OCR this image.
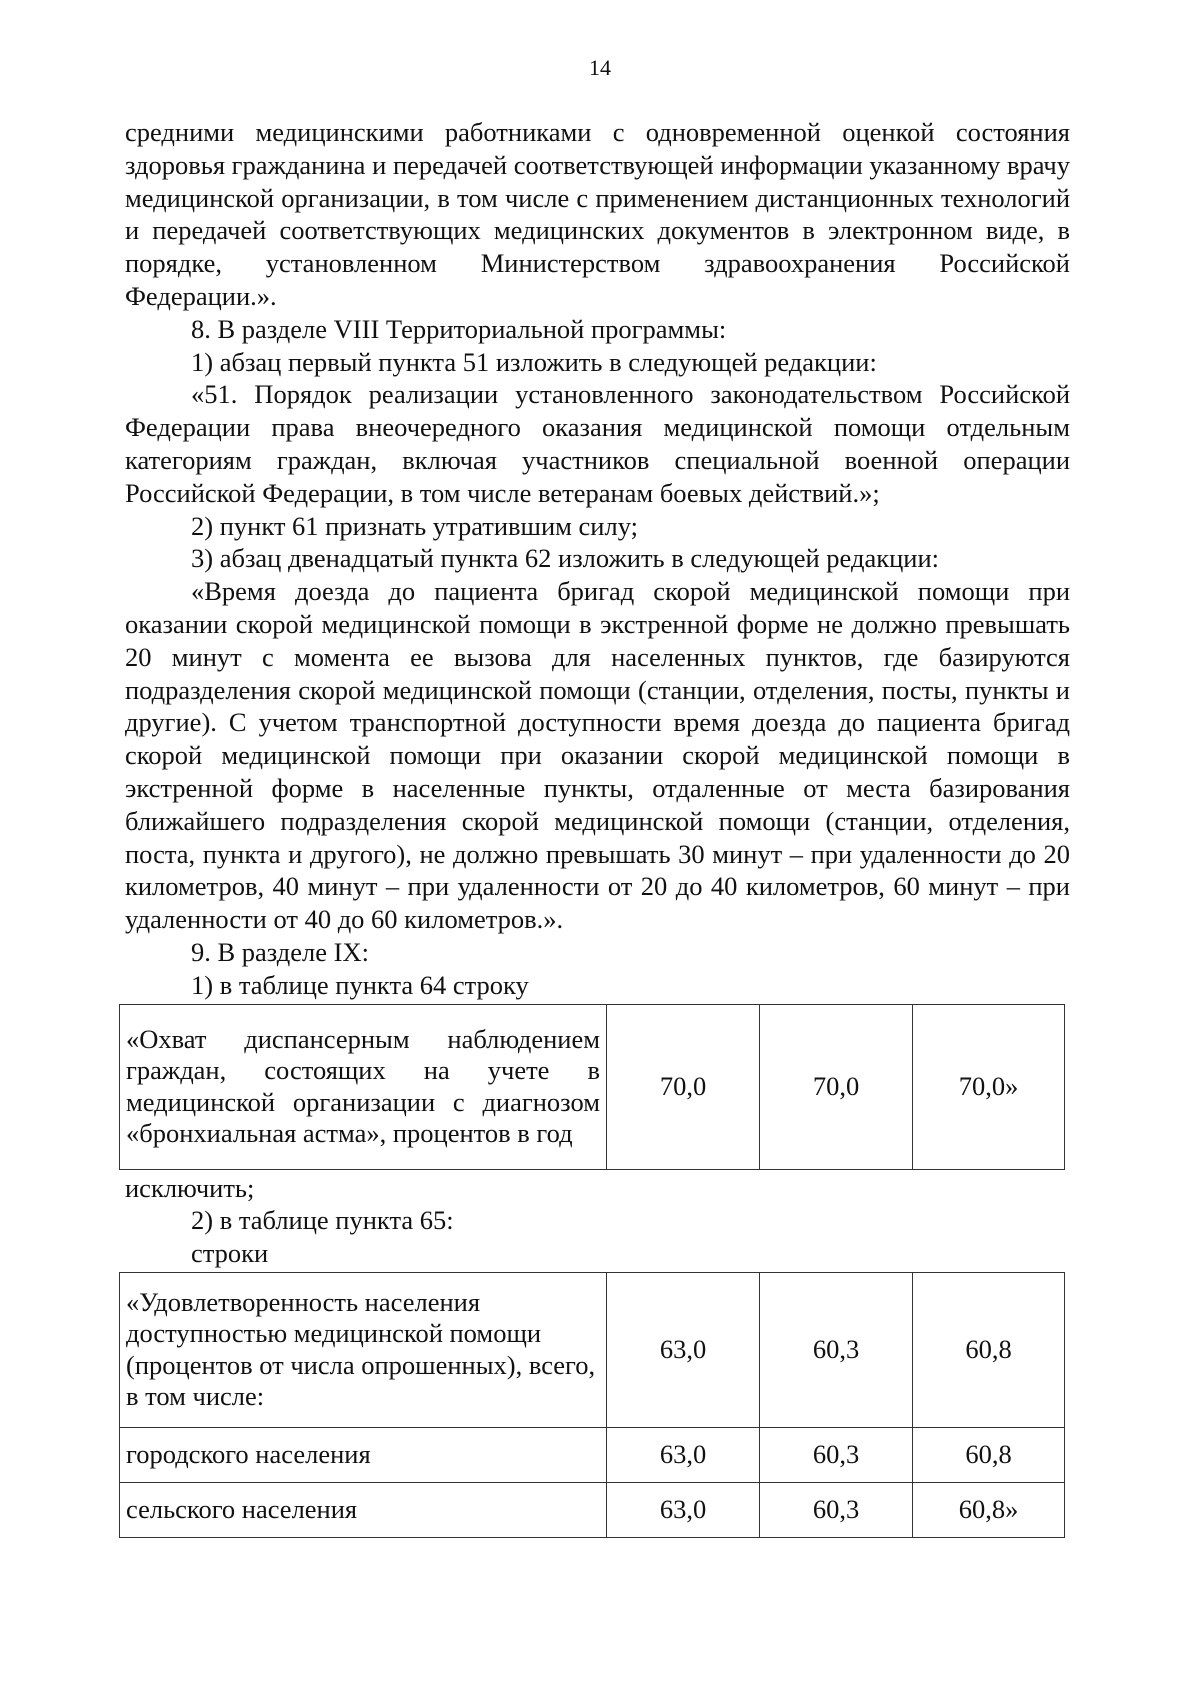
14

средними медицинскими работниками с одновременной оценкой состояния здоровья гражданина и передачей соответствующей информации указанному врачу медицинской организации, в том числе с применением дистанционных технологий и передачей соответствующих медицинских документов в электронном виде, в порядке, установленном Министерством здравоохранения Российской Федерации.».

8. В разделе VIII Территориальной программы:

1) абзац первый пункта 51 изложить в следующей редакции:

«51. Порядок реализации установленного законодательством Российской Федерации права внеочередного оказания медицинской помощи отдельным категориям граждан, включая участников специальной военной операции Российской Федерации, в том числе ветеранам боевых действий.»;

2) пункт 61 признать утратившим силу;

3) абзац двенадцатый пункта 62 изложить в следующей редакции:

«Время доезда до пациента бригад скорой медицинской помощи при оказании скорой медицинской помощи в экстренной форме не должно превышать 20 минут с момента ее вызова для населенных пунктов, где базируются подразделения скорой медицинской помощи (станции, отделения, посты, пункты и другие). С учетом транспортной доступности время доезда до пациента бригад скорой медицинской помощи при оказании скорой медицинской помощи в экстренной форме в населенные пункты, отдаленные от места базирования ближайшего подразделения скорой медицинской помощи (станции, отделения, поста, пункта и другого), не должно превышать 30 минут – при удаленности до 20 километров, 40 минут – при удаленности от 20 до 40 километров, 60 минут – при удаленности от 40 до 60 километров.».

9. В разделе IX:

1) в таблице пункта 64 строку

«Охват диспансерным наблюдением граждан, состоящих на учете в медицинской организации с диагнозом «бронхиальная астма», процентов в год	70,0	70,0	70,0»

исключить;

2) в таблице пункта 65:

строки

«Удовлетворенность населения доступностью медицинской помощи (процентов от числа опрошенных), всего, в том числе:	63,0	60,3	60,8
городского населения	63,0	60,3	60,8
сельского населения	63,0	60,3	60,8»
